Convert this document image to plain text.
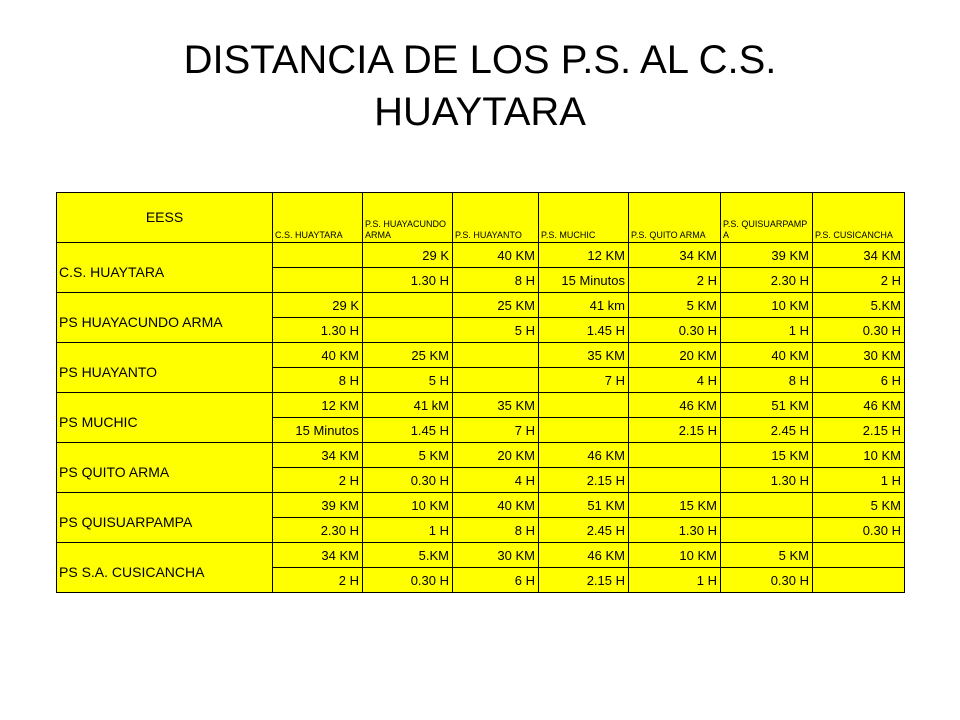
DISTANCIA DE LOS P.S. AL C.S.
HUAYTARA
EESS	C.S. HUAYTARA	P.S. HUAYACUNDO ARMA	P.S. HUAYANTO	P.S. MUCHIC	P.S. QUITO ARMA	P.S. QUISUARPAMPA	P.S. CUSICANCHA
C.S. HUAYTARA		29 K	40 KM	12 KM	34 KM	39 KM	34 KM
		1.30 H	8 H	15 Minutos	2 H	2.30 H	2 H
PS HUAYACUNDO ARMA	29 K		25 KM	41 km	5 KM	10 KM	5.KM
	1.30 H		5 H	1.45 H	0.30 H	1 H	0.30 H
PS HUAYANTO	40 KM	25 KM		35 KM	20 KM	40 KM	30 KM
	8 H	5 H		7 H	4 H	8 H	6 H
PS MUCHIC	12 KM	41 kM	35 KM		46 KM	51 KM	46 KM
	15 Minutos	1.45 H	7 H		2.15 H	2.45 H	2.15 H
PS QUITO ARMA	34 KM	5 KM	20 KM	46 KM		15 KM	10 KM
	2 H	0.30 H	4 H	2.15 H		1.30 H	1 H
PS QUISUARPAMPA	39 KM	10 KM	40 KM	51 KM	15 KM		5 KM
	2.30 H	1 H	8 H	2.45 H	1.30 H		0.30 H
PS S.A. CUSICANCHA	34 KM	5.KM	30 KM	46 KM	10 KM	5 KM	
	2 H	0.30 H	6 H	2.15 H	1 H	0.30 H	
